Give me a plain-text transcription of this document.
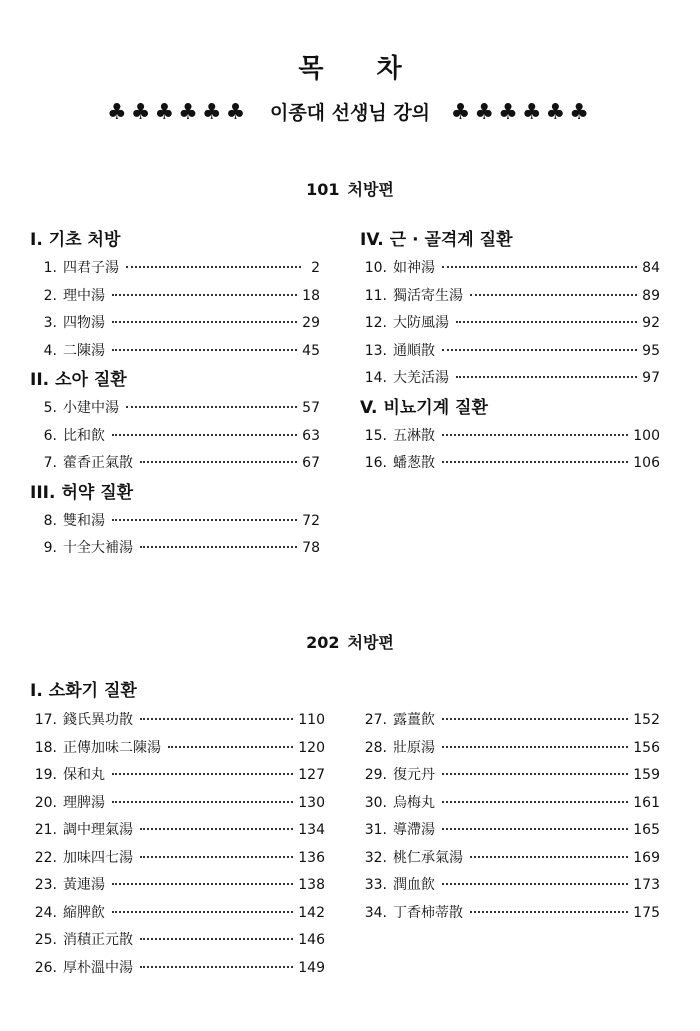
목 차
♣♣♣♣♣♣ 이종대 선생님 강의 ♣♣♣♣♣♣
101 처방편
I. 기초 처방
1. 四君子湯	2
2. 理中湯	18
3. 四物湯	29
4. 二陳湯	45
II. 소아 질환
5. 小建中湯	57
6. 比和飮	63
7. 藿香正氣散	67
III. 허약 질환
8. 雙和湯	72
9. 十全大補湯	78
IV. 근 · 골격계 질환
10. 如神湯	84
11. 獨活寄生湯	89
12. 大防風湯	92
13. 通順散	95
14. 大羌活湯	97
V. 비뇨기계 질환
15. 五淋散	100
16. 蟠葱散	106
202 처방편
I. 소화기 질환
17. 錢氏異功散	110
18. 正傳加味二陳湯	120
19. 保和丸	127
20. 理脾湯	130
21. 調中理氣湯	134
22. 加味四七湯	136
23. 黃連湯	138
24. 縮脾飮	142
25. 消積正元散	146
26. 厚朴溫中湯	149
27. 露薑飮	152
28. 壯原湯	156
29. 復元丹	159
30. 烏梅丸	161
31. 導滯湯	165
32. 桃仁承氣湯	169
33. 潤血飮	173
34. 丁香柿蒂散	175
